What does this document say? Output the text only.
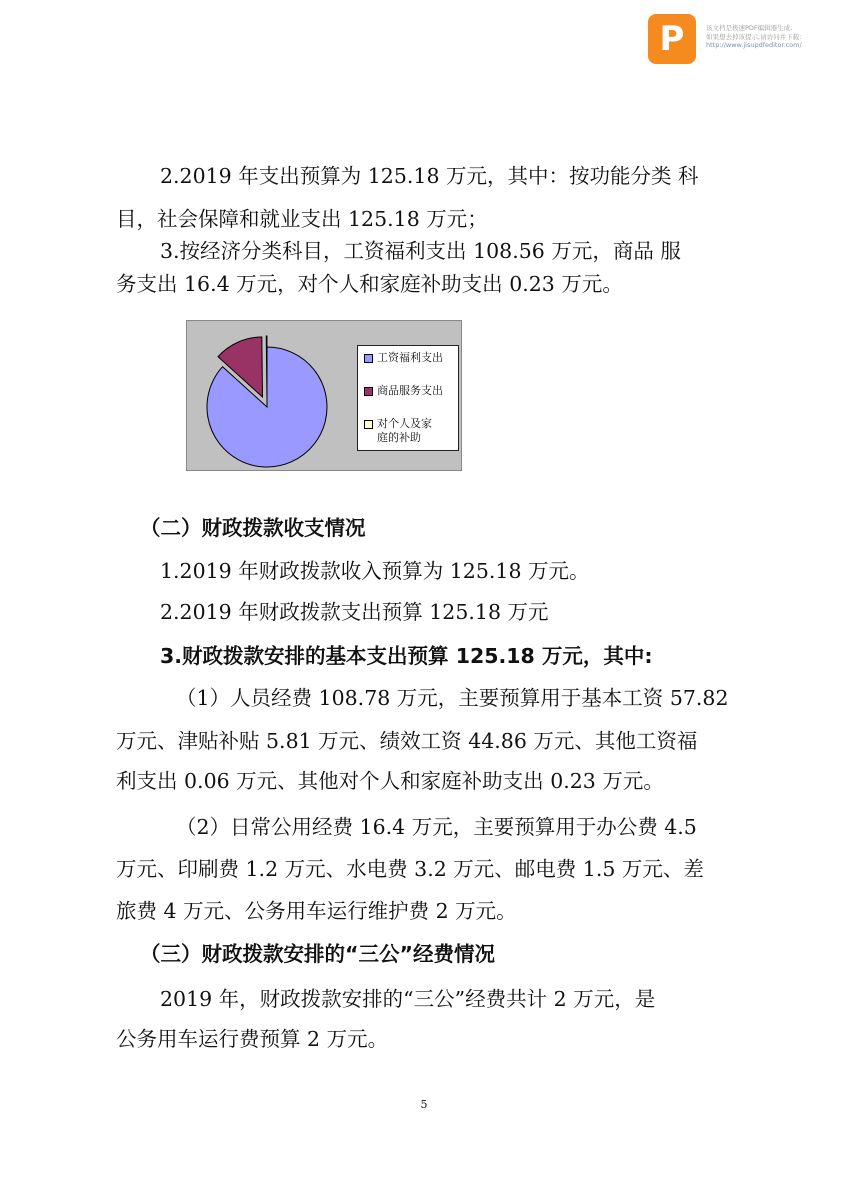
P	该文档是极速PDF编辑器生成,
如果想去掉该提示,请访问并下载:
http://www.jisupdfeditor.com/

2.2019 年支出预算为 125.18 万元，其中：按功能分类 科

目，社会保障和就业支出 125.18 万元；

3.按经济分类科目，工资福利支出 108.56 万元，商品 服

务支出 16.4 万元，对个人和家庭补助支出 0.23 万元。

工资福利支出
商品服务支出
对个人及家庭的补助

（二）财政拨款收支情况

1.2019 年财政拨款收入预算为 125.18 万元。

2.2019 年财政拨款支出预算 125.18 万元

3.财政拨款安排的基本支出预算 125.18 万元，其中:

（1）人员经费 108.78 万元，主要预算用于基本工资 57.82

万元、津贴补贴 5.81 万元、绩效工资 44.86 万元、其他工资福

利支出 0.06 万元、其他对个人和家庭补助支出 0.23 万元。

（2）日常公用经费 16.4 万元，主要预算用于办公费 4.5

万元、印刷费 1.2 万元、水电费 3.2 万元、邮电费 1.5 万元、差

旅费 4 万元、公务用车运行维护费 2 万元。

（三）财政拨款安排的“三公”经费情况

2019 年，财政拨款安排的“三公”经费共计 2 万元，是

公务用车运行费预算 2 万元。

5
